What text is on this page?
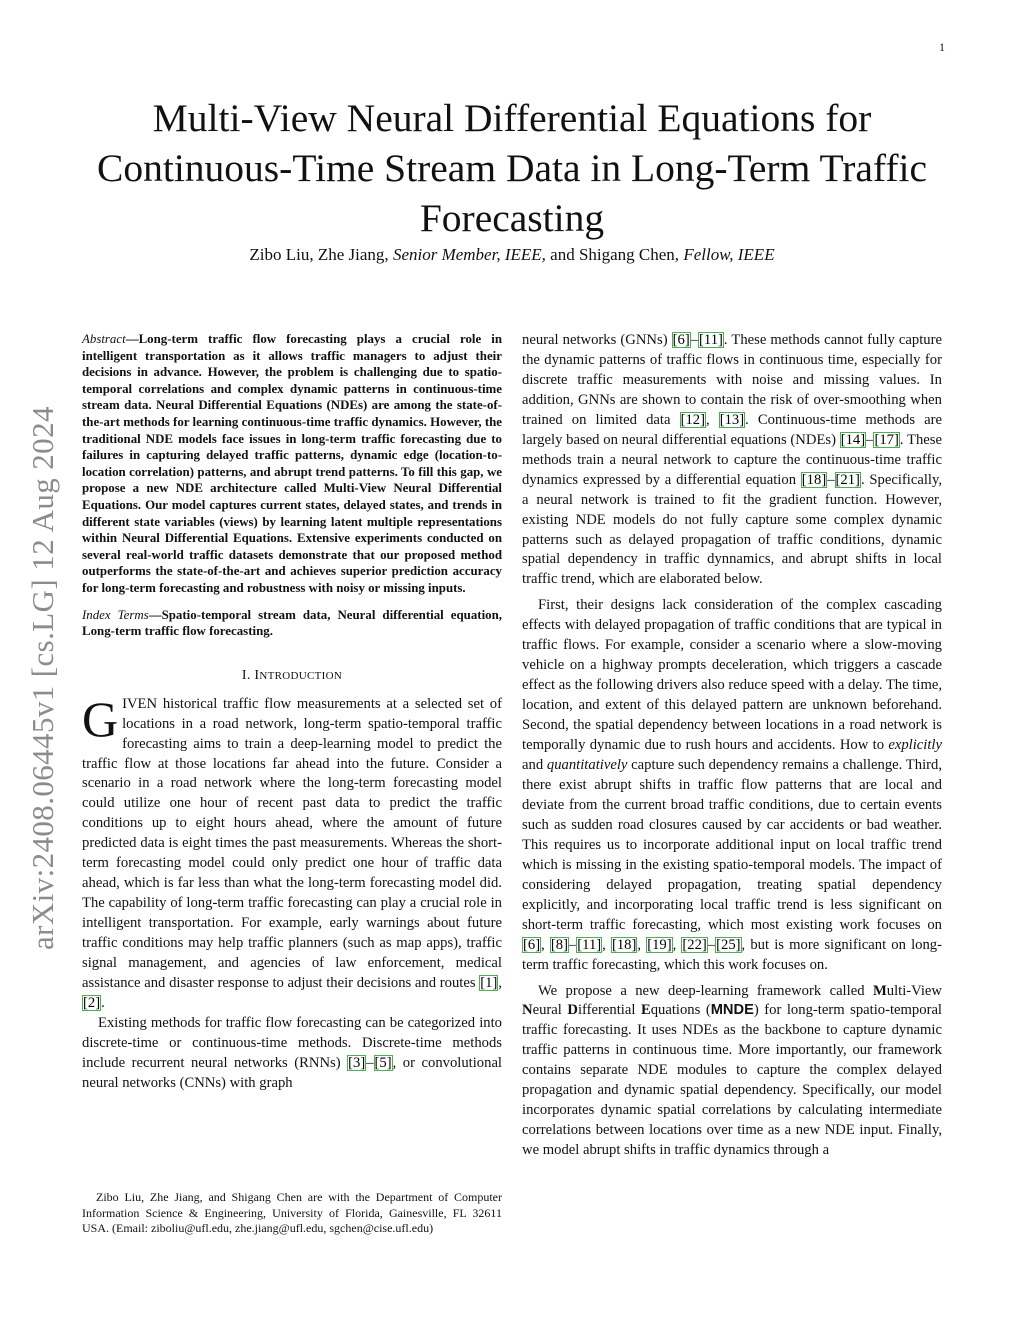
1
Multi-View Neural Differential Equations for
Continuous-Time Stream Data in Long-Term Traffic
Forecasting
Zibo Liu, Zhe Jiang, Senior Member, IEEE, and Shigang Chen, Fellow, IEEE
arXiv:2408.06445v1 [cs.LG] 12 Aug 2024

Abstract—Long-term traffic flow forecasting plays a crucial role in intelligent transportation as it allows traffic managers to adjust their decisions in advance. However, the problem is challenging due to spatio-temporal correlations and complex dynamic patterns in continuous-time stream data. Neural Differential Equations (NDEs) are among the state-of-the-art methods for learning continuous-time traffic dynamics. However, the traditional NDE models face issues in long-term traffic forecasting due to failures in capturing delayed traffic patterns, dynamic edge (location-to-location correlation) patterns, and abrupt trend patterns. To fill this gap, we propose a new NDE architecture called Multi-View Neural Differential Equations. Our model captures current states, delayed states, and trends in different state variables (views) by learning latent multiple representations within Neural Differential Equations. Extensive experiments conducted on several real-world traffic datasets demonstrate that our proposed method outperforms the state-of-the-art and achieves superior prediction accuracy for long-term forecasting and robustness with noisy or missing inputs.

Index Terms—Spatio-temporal stream data, Neural differential equation, Long-term traffic flow forecasting.

I. INTRODUCTION

GIVEN historical traffic flow measurements at a selected set of locations in a road network, long-term spatio-temporal traffic forecasting aims to train a deep-learning model to predict the traffic flow at those locations far ahead into the future. Consider a scenario in a road network where the long-term forecasting model could utilize one hour of recent past data to predict the traffic conditions up to eight hours ahead, where the amount of future predicted data is eight times the past measurements. Whereas the short-term forecasting model could only predict one hour of traffic data ahead, which is far less than what the long-term forecasting model did. The capability of long-term traffic forecasting can play a crucial role in intelligent transportation. For example, early warnings about future traffic conditions may help traffic planners (such as map apps), traffic signal management, and agencies of law enforcement, medical assistance and disaster response to adjust their decisions and routes [1], [2].

Existing methods for traffic flow forecasting can be categorized into discrete-time or continuous-time methods. Discrete-time methods include recurrent neural networks (RNNs) [3]–[5], or convolutional neural networks (CNNs) with graph

Zibo Liu, Zhe Jiang, and Shigang Chen are with the Department of Computer Information Science & Engineering, University of Florida, Gainesville, FL 32611 USA. (Email: ziboliu@ufl.edu, zhe.jiang@ufl.edu, sgchen@cise.ufl.edu)

neural networks (GNNs) [6]–[11]. These methods cannot fully capture the dynamic patterns of traffic flows in continuous time, especially for discrete traffic measurements with noise and missing values. In addition, GNNs are shown to contain the risk of over-smoothing when trained on limited data [12], [13]. Continuous-time methods are largely based on neural differential equations (NDEs) [14]–[17]. These methods train a neural network to capture the continuous-time traffic dynamics expressed by a differential equation [18]–[21]. Specifically, a neural network is trained to fit the gradient function. However, existing NDE models do not fully capture some complex dynamic patterns such as delayed propagation of traffic conditions, dynamic spatial dependency in traffic dynnamics, and abrupt shifts in local traffic trend, which are elaborated below.

First, their designs lack consideration of the complex cascading effects with delayed propagation of traffic conditions that are typical in traffic flows. For example, consider a scenario where a slow-moving vehicle on a highway prompts deceleration, which triggers a cascade effect as the following drivers also reduce speed with a delay. The time, location, and extent of this delayed pattern are unknown beforehand. Second, the spatial dependency between locations in a road network is temporally dynamic due to rush hours and accidents. How to explicitly and quantitatively capture such dependency remains a challenge. Third, there exist abrupt shifts in traffic flow patterns that are local and deviate from the current broad traffic conditions, due to certain events such as sudden road closures caused by car accidents or bad weather. This requires us to incorporate additional input on local traffic trend which is missing in the existing spatio-temporal models. The impact of considering delayed propagation, treating spatial dependency explicitly, and incorporating local traffic trend is less significant on short-term traffic forecasting, which most existing work focuses on [6], [8]–[11], [18], [19], [22]–[25], but is more significant on long-term traffic forecasting, which this work focuses on.

We propose a new deep-learning framework called Multi-View Neural Differential Equations (MNDE) for long-term spatio-temporal traffic forecasting. It uses NDEs as the backbone to capture dynamic traffic patterns in continuous time. More importantly, our framework contains separate NDE modules to capture the complex delayed propagation and dynamic spatial dependency. Specifically, our model incorporates dynamic spatial correlations by calculating intermediate correlations between locations over time as a new NDE input. Finally, we model abrupt shifts in traffic dynamics through a
